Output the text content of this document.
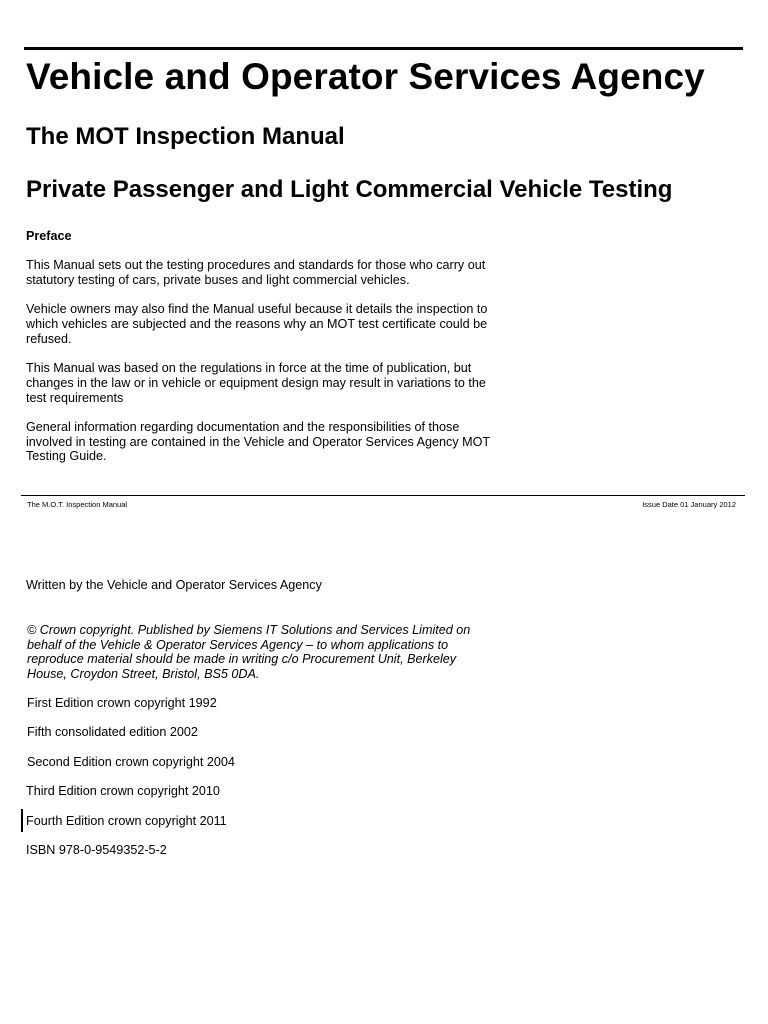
Vehicle and Operator Services Agency
The MOT Inspection Manual
Private Passenger and Light Commercial Vehicle Testing

Preface

This Manual sets out the testing procedures and standards for those who carry out statutory testing of cars, private buses and light commercial vehicles.

Vehicle owners may also find the Manual useful because it details the inspection to which vehicles are subjected and the reasons why an MOT test certificate could be refused.

This Manual was based on the regulations in force at the time of publication, but changes in the law or in vehicle or equipment design may result in variations to the test requirements

General information regarding documentation and the responsibilities of those involved in testing are contained in the Vehicle and Operator Services Agency MOT Testing Guide.

The M.O.T. Inspection Manual	Issue Date 01 January 2012
Written by the Vehicle and Operator Services Agency
© Crown copyright. Published by Siemens IT Solutions and Services Limited on behalf of the Vehicle & Operator Services Agency – to whom applications to reproduce material should be made in writing c/o Procurement Unit, Berkeley House, Croydon Street, Bristol, BS5 0DA.
First Edition crown copyright 1992
Fifth consolidated edition 2002
Second Edition crown copyright 2004
Third Edition crown copyright 2010
Fourth Edition crown copyright 2011
ISBN 978-0-9549352-5-2
